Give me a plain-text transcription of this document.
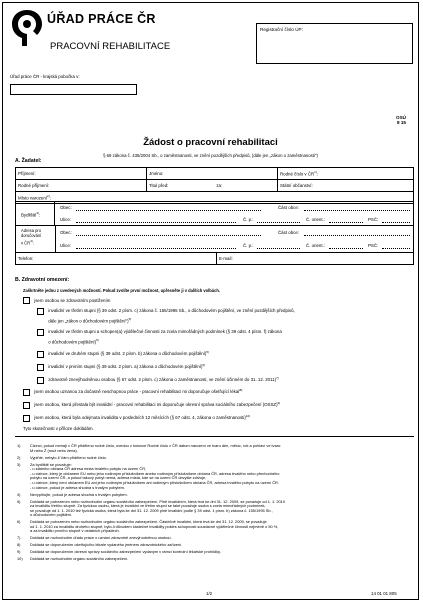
ÚŘAD PRÁCE ČR
PRACOVNÍ REHABILITACE
Registrační číslo ÚP:
Úřad práce ČR - krajská pobočka v:
OSÚ
8 15
Žádost o pracovní rehabilitaci
§ 69 zákona č. 435/2004 Sb., o zaměstnanosti, ve znění pozdějších předpisů, (dále jen „zákon o zaměstnanosti")
A. Žadatel:
Příjmení:	Jméno:	Rodné číslo v ČR$^{1)}$:
Rodné příjmení:	Titul před: za:	Státní občanství:
Místo narození$^{2)}$:		
Bydliště$^{3)}$:
Obec:	Část obce:
Ulice:	Č. p.:	Č. orient.:	PSČ:
Adresa pro
doručování
v ČR$^{4)}$:
Obec:	Část obce:
Ulice:	Č. p.:	Č. orient.:	PSČ:
Telefon:	E-mail:
B. Zdravotní omezení:
Zaškrtněte jednu z uvedených možností. Pokud zvolíte první možnost, upřesněte ji v dalších volbách.
jsem osobou se zdravotním postižením

invalidní ve třetím stupni (§ 39 odst. 2 písm. c) zákona č. 155/1995 Sb., o důchodovém pojištění, ve znění pozdějších předpisů,
dále jen „zákon o důchodovém pojištění")$^{5)}$

invalidní ve třetím stupni a schopen(a) výdělečné činnosti za zcela mimořádných podmínek (§ 39 odst. 4 písm. f) zákona
o důchodovém pojištění)$^{5)}$
invalidní ve druhém stupni (§ 39 odst. 2 písm. b) zákona o důchodovém pojištění)$^{5)}$
invalidní v prvním stupni (§ 39 odst. 2 písm. a) zákona o důchodovém pojištění)$^{5)}$
zdravotně znevýhodněnou osobou (§ 67 odst. 2 písm. c) zákona o zaměstnanosti, ve znění účinném do 31. 12. 2011)$^{7)}$
jsem osobou uznanou za dočasně neschopnou práce - pracovní rehabilitaci mi doporučuje ošetřující lékař$^{8)}$
jsem osobou, která přestala být invalidní - pracovní rehabilitaci mi doporučuje okresní správa sociálního zabezpečení (OSSZ)$^{9)}$
jsem osobou, která byla odejmuta invalidita v posledních 12 měsících (§ 67 odst. 4, zákona o zaměstnanosti)$^{10)}$
Tyto skutečnosti v příloze dokládám.
1)	Cizinci, pokud nemají v ČR přiděleno rodné číslo, uvedou v kolonce Rodné číslo v ČR datum narození ve tvaru den, měsíc, rok a pohlaví ve tvaru:
M nebo Ž (muž nebo žena).
2)	Vyplňte, nebylo-li Vám přiděleno rodné číslo.
3)	Za bydliště se považuje:
- u státního občana ČR adresa místa trvalého pobytu na území ČR,
- u cizince, který je občanem EU nebo jeho rodinným příslušníkem anebo rodinným příslušníkem občana ČR, adresa trvalého nebo přechodného
pobytu na území ČR, a pokud takový pobyt nemá, adresa místa, kde se na území ČR obvykle zdržuje,
- u cizince, který není občanem EU ani jeho rodinným příslušníkem ani rodinným příslušníkem občana ČR, adresa trvalého pobytu na území ČR.
- u cizince, pokud je adresa shodná s trvalým pobytem.
4)	Nevyplňujte, pokud je adresa shodná s trvalým pobytem.
5)	Dokládá se potvrzením nebo rozhodnutím orgánu sociálního zabezpečení. Plně invalidním, která trvá ke dni 31. 12. 2009, se považuje od 1. 1. 2010
za invaliditu třetího stupně. Za fyzickou osobu, která je invalidní ve třetím stupni se také považuje osoba s zcela mimořádných podmínek,
se považuje od 1. 1. 2010 též fyzická osoba, která byla ke dni 31. 12. 2009 plně invalidní podle § 39 odst. 1 písm. b) zákona č. 155/1995 Sb.,
o důchodovém pojištění.
6)	Dokládá se potvrzením nebo rozhodnutím orgánu sociálního zabezpečení. Částečně invalidní, která trvá ke dni 31. 12. 2009, se považuje
od 1. 1. 2010 za invaliditu druhého stupně, bylo-li důvodem částečné invalidity pokles schopnosti soustavné výdělečné činnosti nejméně o 50 %,
a za invaliditu prvního stupně v ostatních případech.
7)	Dokládá se rozhodnutím úřadu práce o uznání zdravotně znevýhodněnou osobou.
8)	Dokládá se doporučením ošetřujícího lékaře vydaného jménem zdravotnického zařízení.
9)	Dokládá se doporučením okresní správy sociálního zabezpečení vydaným v rámci kontrolní lékařské prohlídky.
10)	Dokládá se rozhodnutím orgánu sociálního zabezpečení.
1/2	14 01 01 805
